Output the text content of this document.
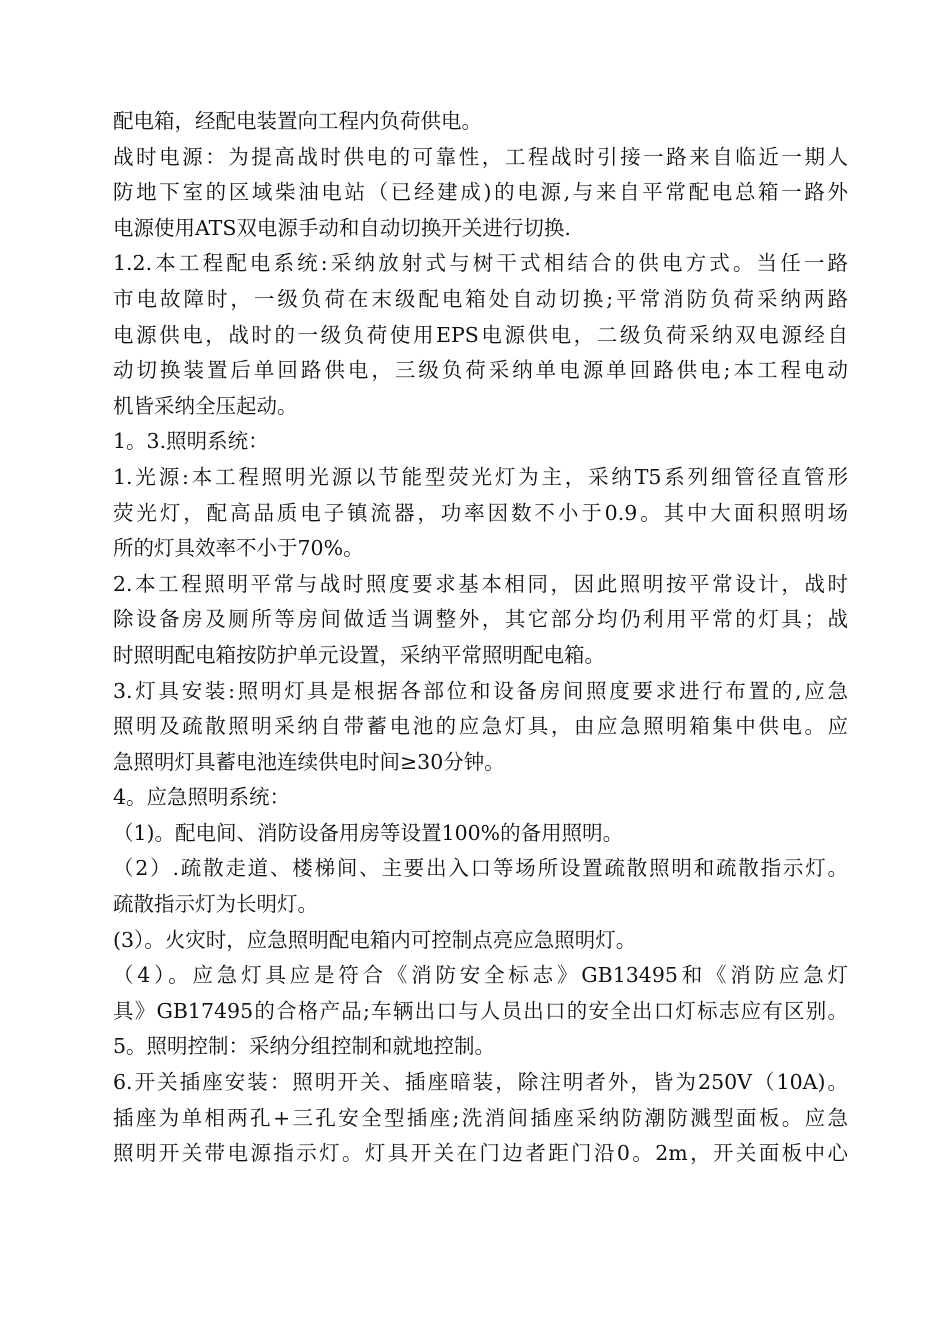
配电箱，经配电装置向工程内负荷供电。
战时电源：为提高战时供电的可靠性，工程战时引接一路来自临近一期人
防地下室的区域柴油电站（已经建成)的电源,与来自平常配电总箱一路外
电源使用ATS双电源手动和自动切换开关进行切换.
1.2.本工程配电系统:采纳放射式与树干式相结合的供电方式。当任一路
市电故障时，一级负荷在末级配电箱处自动切换;平常消防负荷采纳两路
电源供电，战时的一级负荷使用EPS电源供电，二级负荷采纳双电源经自
动切换装置后单回路供电，三级负荷采纳单电源单回路供电;本工程电动
机皆采纳全压起动。
1。3.照明系统：
1.光源:本工程照明光源以节能型荧光灯为主，采纳T5系列细管径直管形
荧光灯，配高品质电子镇流器，功率因数不小于0.9。其中大面积照明场
所的灯具效率不小于70%。
2.本工程照明平常与战时照度要求基本相同，因此照明按平常设计，战时
除设备房及厕所等房间做适当调整外，其它部分均仍利用平常的灯具；战
时照明配电箱按防护单元设置，采纳平常照明配电箱。
3.灯具安装:照明灯具是根据各部位和设备房间照度要求进行布置的,应急
照明及疏散照明采纳自带蓄电池的应急灯具，由应急照明箱集中供电。应
急照明灯具蓄电池连续供电时间≥30分钟。
4。应急照明系统：
（1)。配电间、消防设备用房等设置100%的备用照明。
（2）.疏散走道、楼梯间、主要出入口等场所设置疏散照明和疏散指示灯。
疏散指示灯为长明灯。
(3）。火灾时，应急照明配电箱内可控制点亮应急照明灯。
（4）。应急灯具应是符合《消防安全标志》GB13495和《消防应急灯
具》GB17495的合格产品;车辆出口与人员出口的安全出口灯标志应有区别。
5。照明控制：采纳分组控制和就地控制。
6.开关插座安装：照明开关、插座暗装，除注明者外，皆为250V（10A)。
插座为单相两孔+三孔安全型插座;洗消间插座采纳防潮防溅型面板。应急
照明开关带电源指示灯。灯具开关在门边者距门沿0。2m，开关面板中心
